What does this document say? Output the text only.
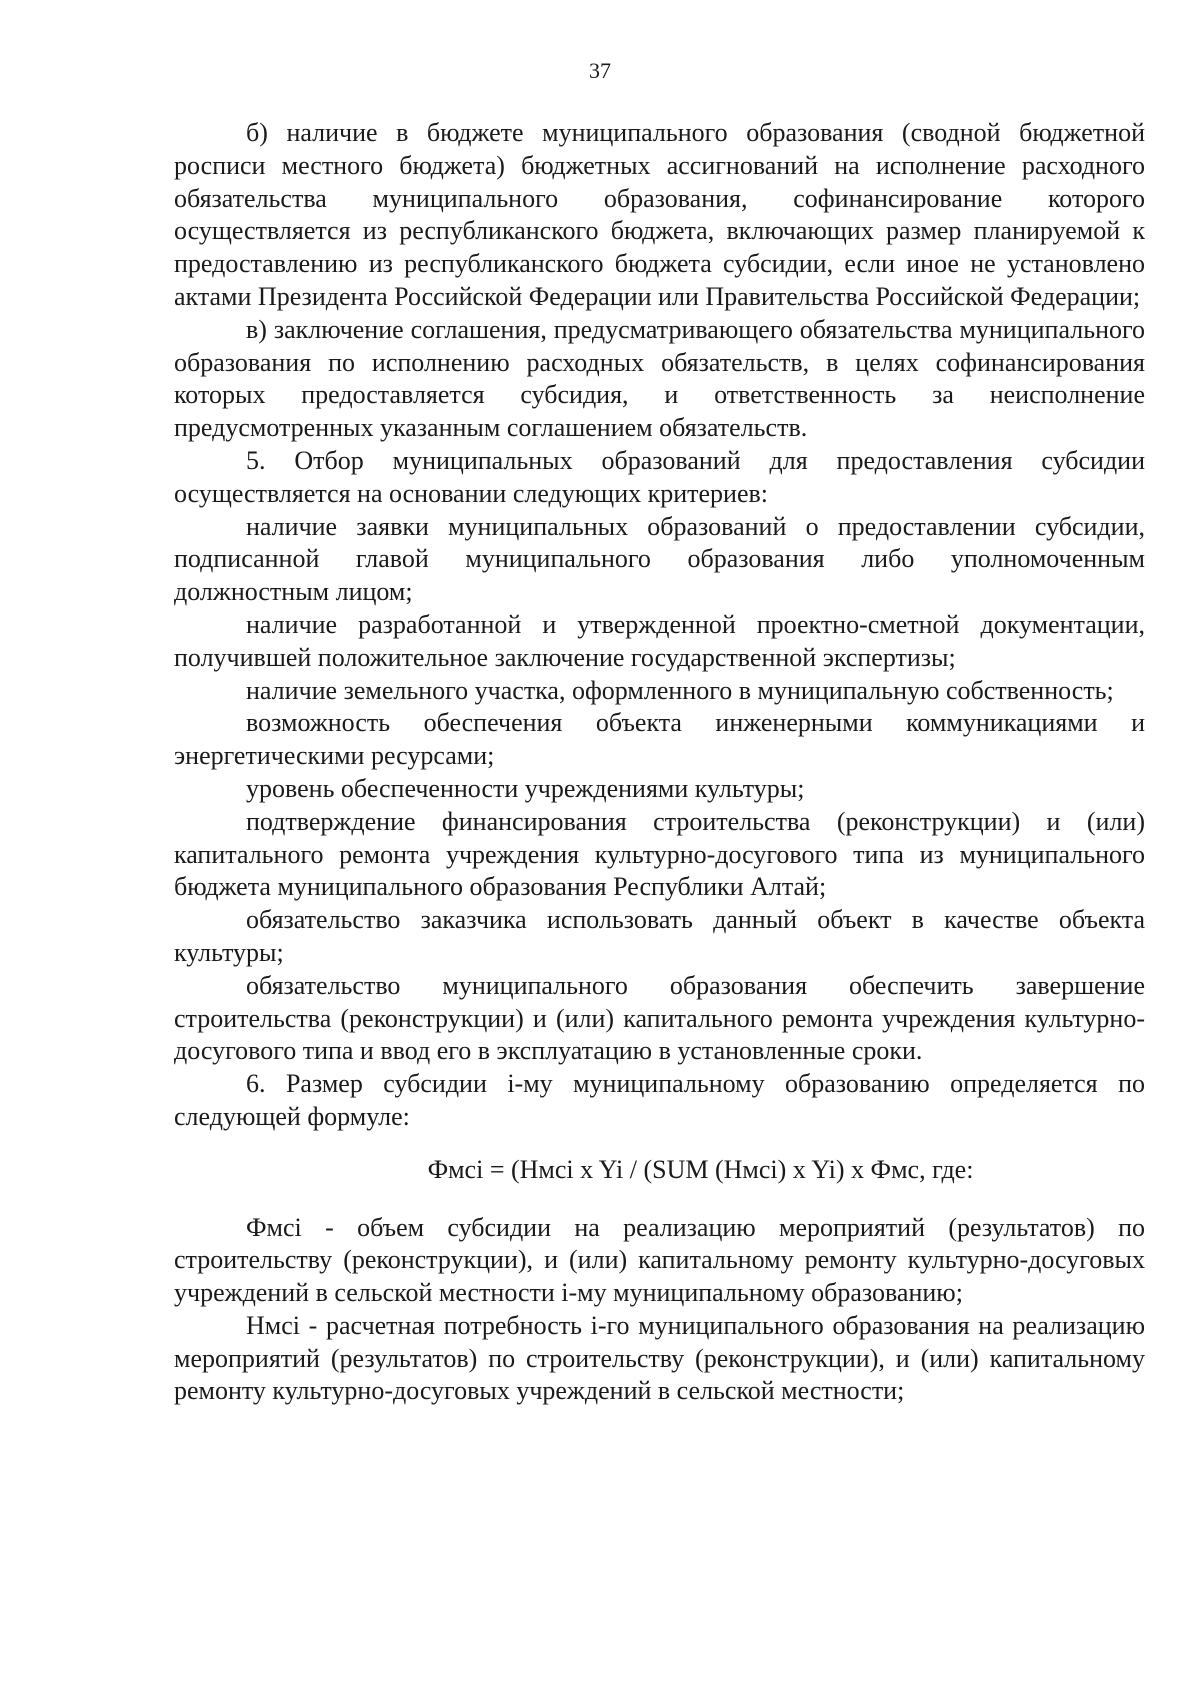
37

б) наличие в бюджете муниципального образования (сводной бюджетной росписи местного бюджета) бюджетных ассигнований на исполнение расходного обязательства муниципального образования, софинансирование которого осуществляется из республиканского бюджета, включающих размер планируемой к предоставлению из республиканского бюджета субсидии, если иное не установлено актами Президента Российской Федерации или Правительства Российской Федерации;

в) заключение соглашения, предусматривающего обязательства муниципального образования по исполнению расходных обязательств, в целях софинансирования которых предоставляется субсидия, и ответственность за неисполнение предусмотренных указанным соглашением обязательств.

5. Отбор муниципальных образований для предоставления субсидии осуществляется на основании следующих критериев:

наличие заявки муниципальных образований о предоставлении субсидии, подписанной главой муниципального образования либо уполномоченным должностным лицом;

наличие разработанной и утвержденной проектно-сметной документации, получившей положительное заключение государственной экспертизы;

наличие земельного участка, оформленного в муниципальную собственность;

возможность обеспечения объекта инженерными коммуникациями и энергетическими ресурсами;

уровень обеспеченности учреждениями культуры;

подтверждение финансирования строительства (реконструкции) и (или) капитального ремонта учреждения культурно-досугового типа из муниципального бюджета муниципального образования Республики Алтай;

обязательство заказчика использовать данный объект в качестве объекта культуры;

обязательство муниципального образования обеспечить завершение строительства (реконструкции) и (или) капитального ремонта учреждения культурно-досугового типа и ввод его в эксплуатацию в установленные сроки.

6. Размер субсидии i-му муниципальному образованию определяется по следующей формуле:

Фмсi = (Нмсi x Yi / (SUM (Нмсi) x Yi) x Фмс, где:

Фмсi - объем субсидии на реализацию мероприятий (результатов) по строительству (реконструкции), и (или) капитальному ремонту культурно-досуговых учреждений в сельской местности i-му муниципальному образованию;

Нмсi - расчетная потребность i-го муниципального образования на реализацию мероприятий (результатов) по строительству (реконструкции), и (или) капитальному ремонту культурно-досуговых учреждений в сельской местности;
